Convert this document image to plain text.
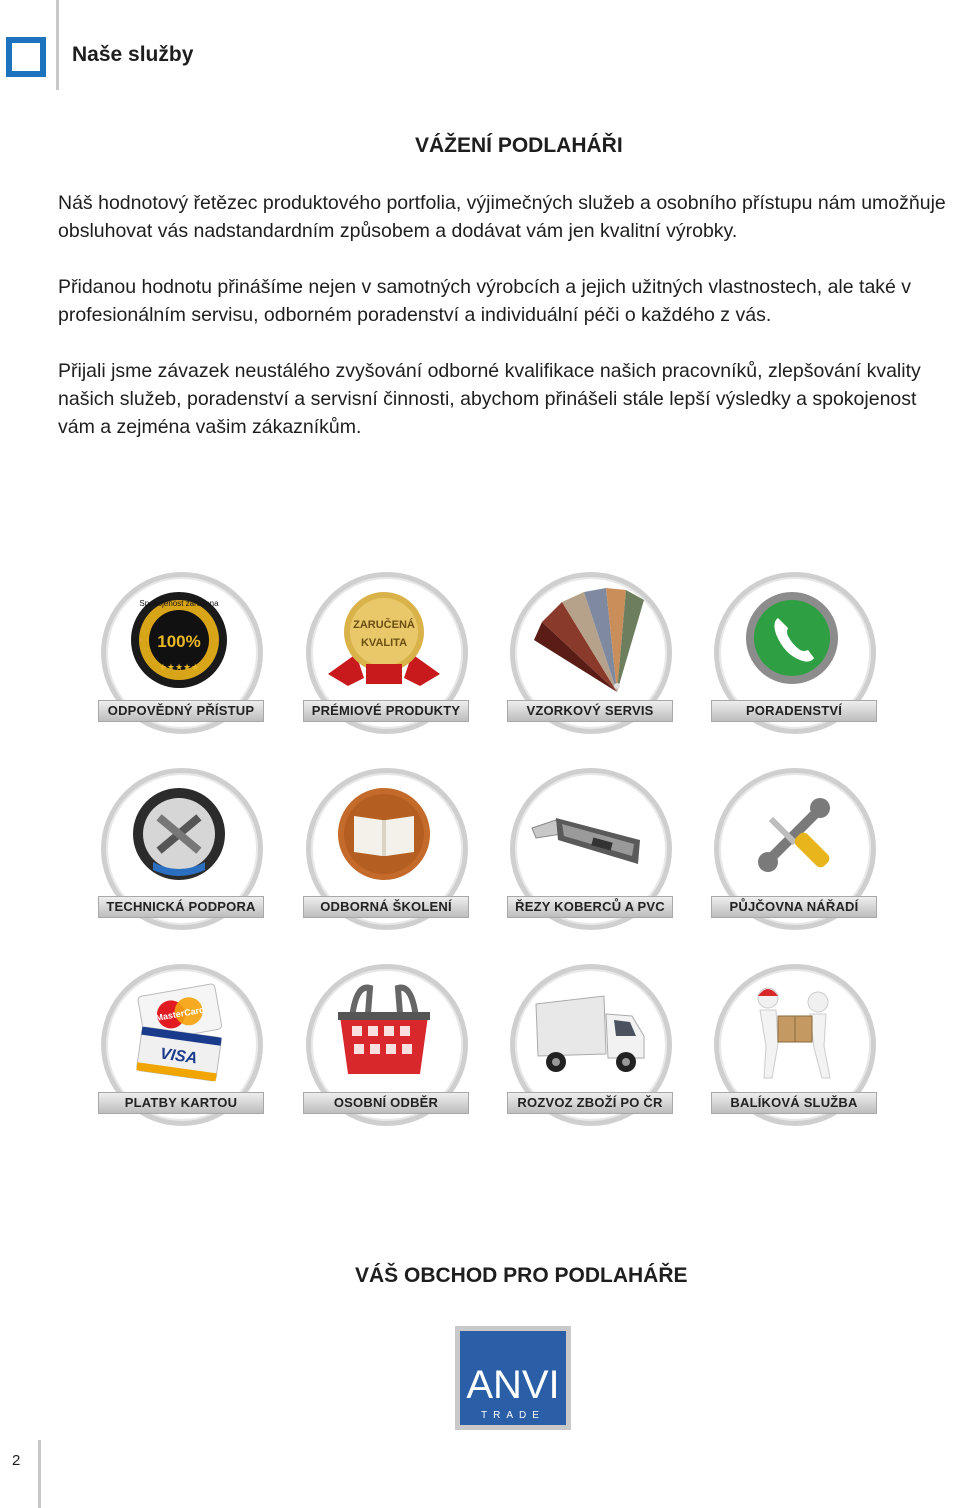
Naše služby
VÁŽENÍ PODLAHÁŘI
Náš hodnotový řetězec produktového portfolia, výjimečných služeb a osobního přístupu nám umožňuje obsluhovat vás nadstandardním způsobem a dodávat vám jen kvalitní výrobky.
Přidanou hodnotu přinášíme nejen v samotných výrobcích a jejich užitných vlastnostech, ale také v profesionálním servisu, odborném poradenství a individuální péči o každého z vás.
Přijali jsme závazek neustálého zvyšování odborné kvalifikace našich pracovníků, zlepšování kvality našich služeb, poradenství a servisní činnosti, abychom přinášeli stále lepší výsledky a spokojenost vám a zejména vašim zákazníkům.
100%
Spokojenost zaručena
★★★★★
ODPOVĚDNÝ PŘÍSTUP
ZARUČENÁ
KVALITA
PRÉMIOVÉ PRODUKTY	VZORKOVÝ SERVIS	PORADENSTVÍ
TECHNICKÁ PODPORA	ODBORNÁ ŠKOLENÍ	ŘEZY KOBERCŮ A PVC	PŮJČOVNA NÁŘADÍ
MasterCard
VISA
PLATBY KARTOU	OSOBNÍ ODBĚR	ROZVOZ ZBOŽÍ PO ČR	BALÍKOVÁ SLUŽBA
VÁŠ OBCHOD PRO PODLAHÁŘE
ANVI
TRADE
2
